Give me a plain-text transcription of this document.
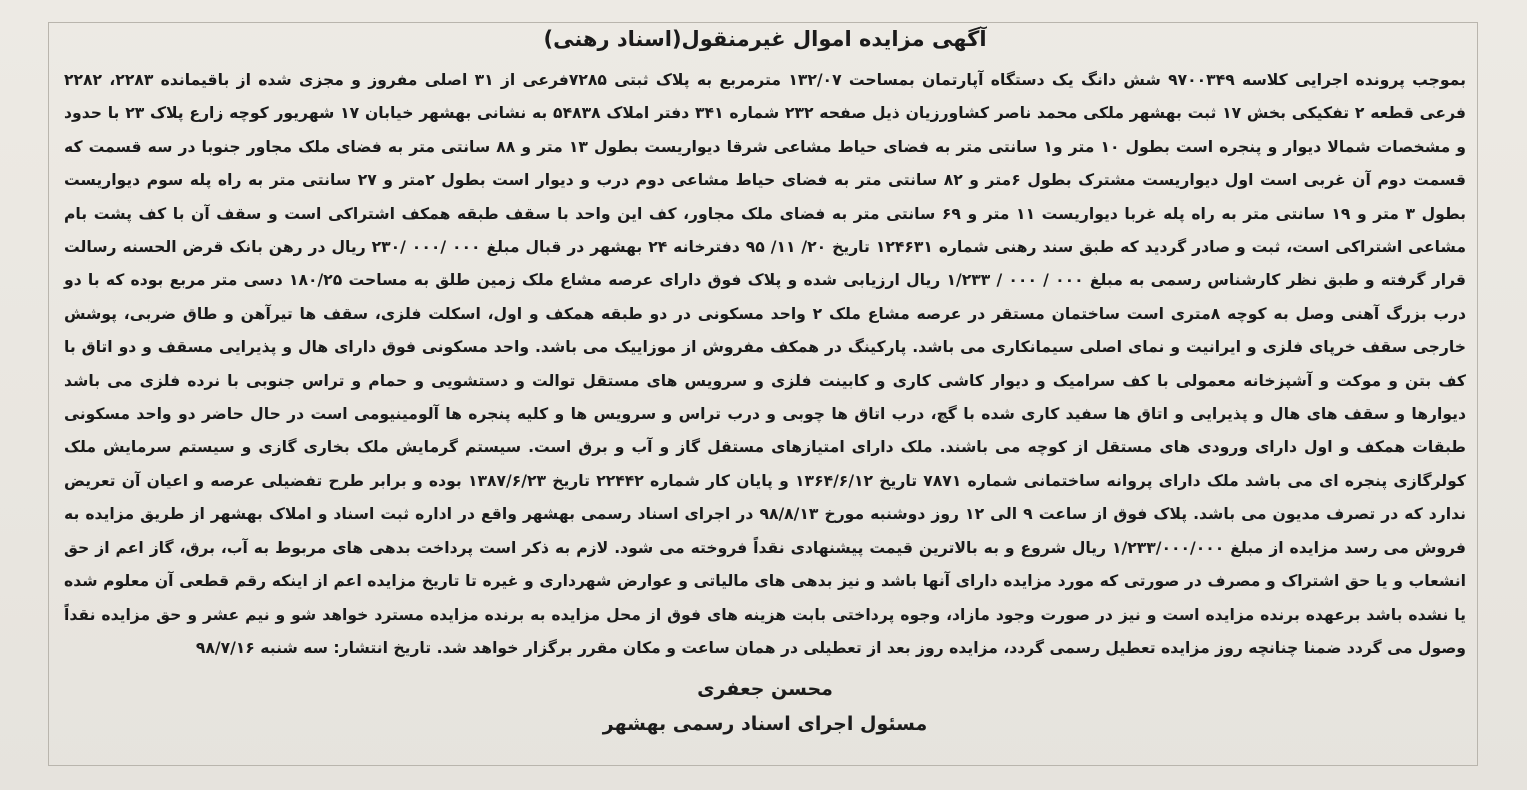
آگهی مزایده اموال غیرمنقول(اسناد رهنی)

بموجب پرونده اجرایی کلاسه ۹۷۰۰۳۴۹ شش دانگ یک دستگاه آپارتمان بمساحت ۱۳۲/۰۷ مترمربع به پلاک ثبتی ۷۲۸۵فرعی از ۳۱ اصلی مفروز و مجزی شده از باقیمانده ۲۲۸۳، ۲۲۸۲ فرعی قطعه ۲ تفکیکی بخش ۱۷ ثبت بهشهر ملکی محمد ناصر کشاورزیان ذیل صفحه ۲۳۲ شماره ۳۴۱ دفتر املاک ۵۴۸۳۸ به نشانی بهشهر خیابان ۱۷ شهریور کوچه زارع پلاک ۲۳ با حدود و مشخصات شمالا دیوار و پنجره است بطول ۱۰ متر و۱ سانتی متر به فضای حیاط مشاعی شرقا دیواریست بطول ۱۳ متر و ۸۸ سانتی متر به فضای ملک مجاور جنوبا در سه قسمت که قسمت دوم آن غربی است اول دیواریست مشترک بطول ۶متر و ۸۲ سانتی متر به فضای حیاط مشاعی دوم درب و دیوار است بطول ۲متر و ۲۷ سانتی متر به راه پله سوم دیواریست بطول ۳ متر و ۱۹ سانتی متر به راه پله غربا دیواریست ۱۱ متر و ۶۹ سانتی متر به فضای ملک مجاور، کف این واحد با سقف طبقه همکف اشتراکی است و سقف آن با کف پشت بام مشاعی اشتراکی است، ثبت و صادر گردید که طبق سند رهنی شماره ۱۲۴۶۳۱ تاریخ ۲۰/ ۱۱/ ۹۵ دفترخانه ۲۴ بهشهر در قبال مبلغ ۰۰۰ /۰۰۰ /۲۳۰ ریال در رهن بانک قرض الحسنه رسالت قرار گرفته و طبق نظر کارشناس رسمی به مبلغ ۰۰۰ / ۰۰۰ / ۱/۲۳۳ ریال ارزیابی شده و پلاک فوق دارای عرصه مشاع ملک زمین طلق به مساحت ۱۸۰/۲۵ دسی متر مربع بوده که با دو درب بزرگ آهنی وصل به کوچه ۸متری است ساختمان مستقر در عرصه مشاع ملک ۲ واحد مسکونی در دو طبقه همکف و اول، اسکلت فلزی، سقف ها تیرآهن و طاق ضربی، پوشش خارجی سقف خرپای فلزی و ایرانیت و نمای اصلی سیمانکاری می باشد. پارکینگ در همکف مفروش از موزاییک می باشد. واحد مسکونی فوق دارای هال و پذیرایی مسقف و دو اتاق با کف بتن و موکت و آشپزخانه معمولی با کف سرامیک و دیوار کاشی کاری و کابینت فلزی و سرویس های مستقل توالت و دستشویی و حمام و تراس جنوبی با نرده فلزی می باشد دیوارها و سقف های هال و پذیرایی و اتاق ها سفید کاری شده با گچ، درب اتاق ها چوبی و درب تراس و سرویس ها و کلیه پنجره ها آلومینیومی است در حال حاضر دو واحد مسکونی طبقات همکف و اول دارای ورودی های مستقل از کوچه می باشند. ملک دارای امتیازهای مستقل گاز و آب و برق است. سیستم گرمایش ملک بخاری گازی و سیستم سرمایش ملک کولرگازی پنجره ای می باشد ملک دارای پروانه ساختمانی شماره ۷۸۷۱ تاریخ ۱۳۶۴/۶/۱۲ و پایان کار شماره ۲۲۴۴۲ تاریخ ۱۳۸۷/۶/۲۳ بوده و برابر طرح تفضیلی عرصه و اعیان آن تعریض ندارد که در تصرف مدیون می باشد. پلاک فوق از ساعت ۹ الی ۱۲ روز دوشنبه مورخ ۹۸/۸/۱۳ در اجرای اسناد رسمی بهشهر واقع در اداره ثبت اسناد و املاک بهشهر از طریق مزایده به فروش می رسد مزایده از مبلغ ۱/۲۳۳/۰۰۰/۰۰۰ ریال شروع و به بالاترین قیمت پیشنهادی نقداً فروخته می شود. لازم به ذکر است پرداخت بدهی های مربوط به آب، برق، گاز اعم از حق انشعاب و یا حق اشتراک و مصرف در صورتی که مورد مزایده دارای آنها باشد و نیز بدهی های مالیاتی و عوارض شهرداری و غیره تا تاریخ مزایده اعم از اینکه رقم قطعی آن معلوم شده یا نشده باشد برعهده برنده مزایده است و نیز در صورت وجود مازاد، وجوه پرداختی بابت هزینه های فوق از محل مزایده به برنده مزایده مسترد خواهد شو و نیم عشر و حق مزایده نقداً وصول می گردد ضمنا چنانچه روز مزایده تعطیل رسمی گردد، مزایده روز بعد از تعطیلی در همان ساعت و مکان مقرر برگزار خواهد شد. تاریخ انتشار: سه شنبه ۹۸/۷/۱۶

محسن جعفری
مسئول اجرای اسناد رسمی بهشهر
